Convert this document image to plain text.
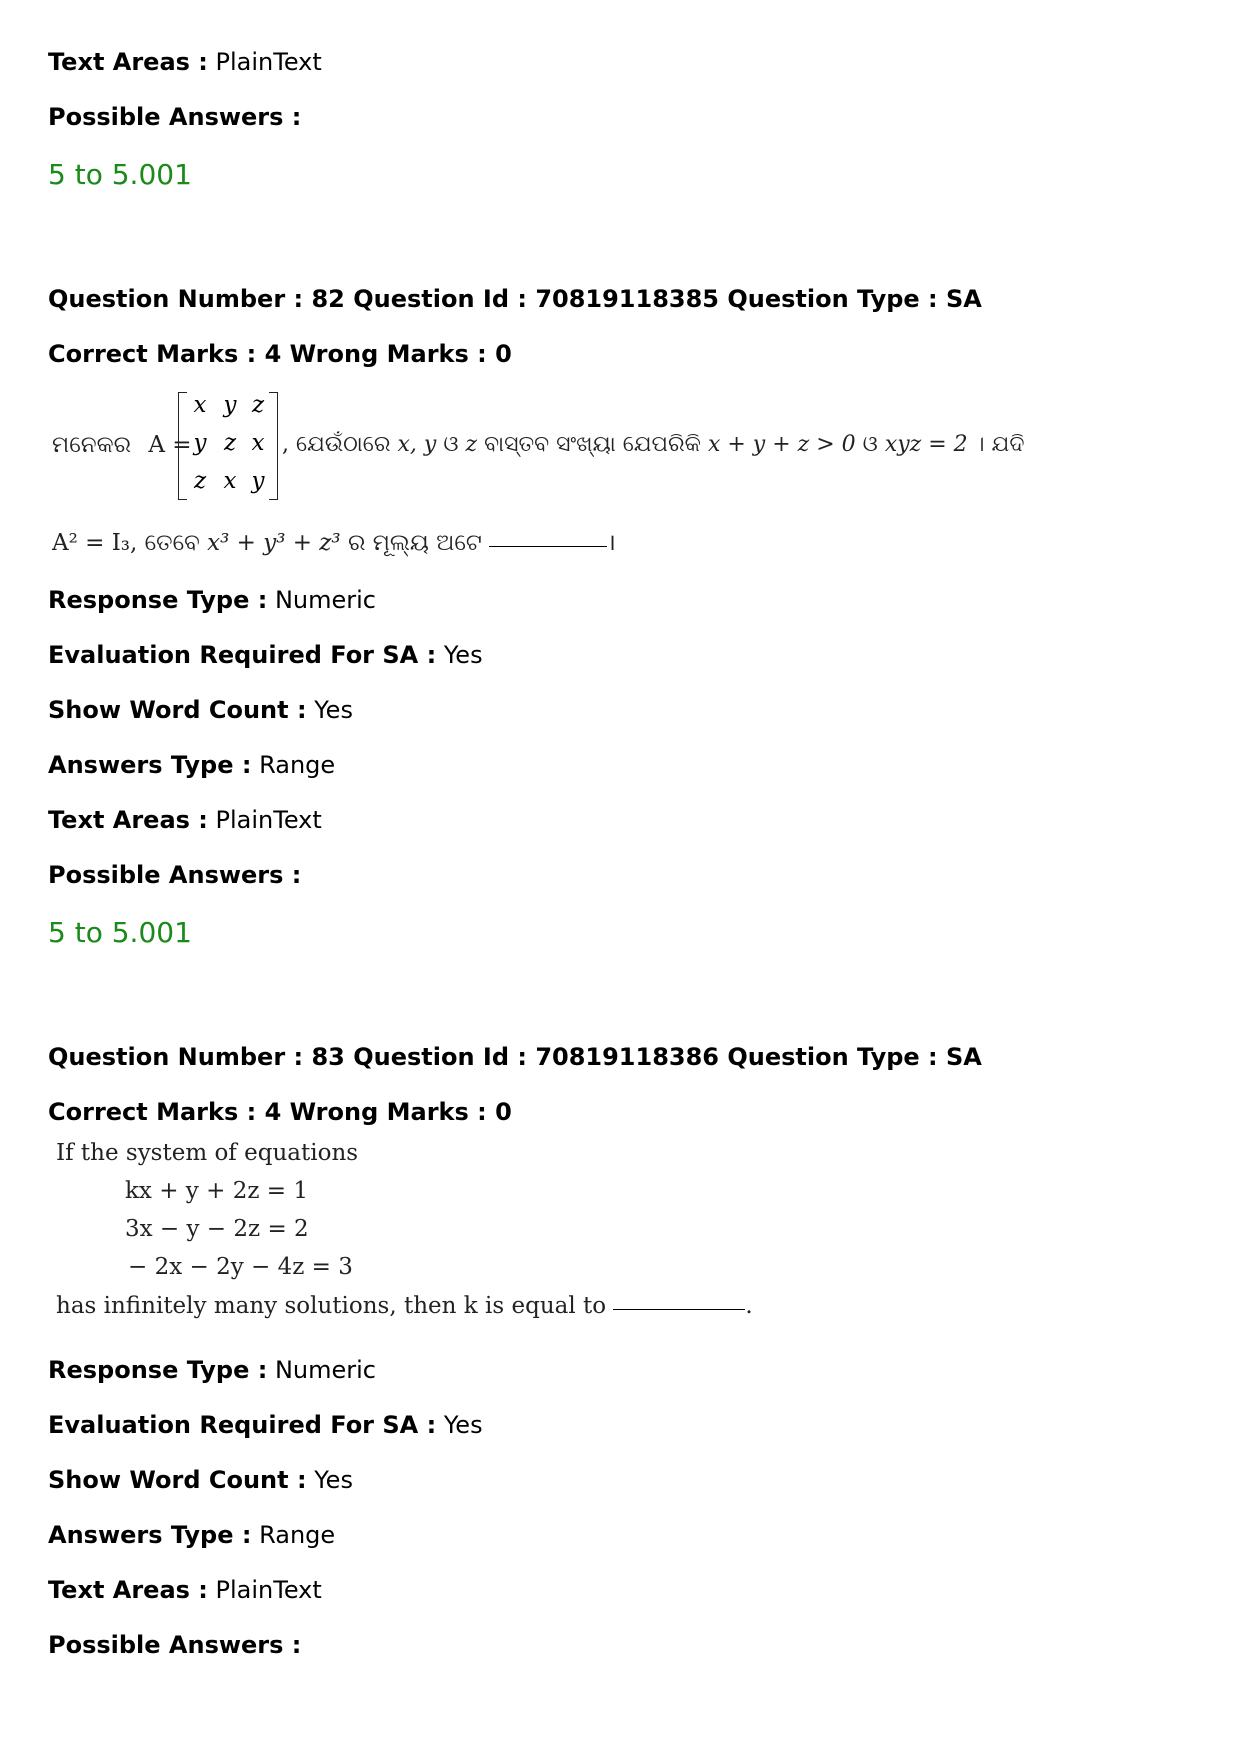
Text Areas : PlainText
Possible Answers :
5 to 5.001
Question Number : 82 Question Id : 70819118385 Question Type : SA
Correct Marks : 4 Wrong Marks : 0
ମନେକର A =
x y z
y z x
z x y
, ଯେଉଁଠାରେ x, y ଓ z ବାସ୍ତବ ସଂଖ୍ୟା ଯେପରିକି x + y + z > 0 ଓ xyz = 2 । ଯଦି
A² = I₃, ତେବେ x³ + y³ + z³ ର ମୂଲ୍ୟ ଅଟେ	।
Response Type : Numeric
Evaluation Required For SA : Yes
Show Word Count : Yes
Answers Type : Range
Text Areas : PlainText
Possible Answers :
5 to 5.001
Question Number : 83 Question Id : 70819118386 Question Type : SA
Correct Marks : 4 Wrong Marks : 0
If the system of equations
kx + y + 2z = 1
3x − y − 2z = 2
− 2x − 2y − 4z = 3
has infinitely many solutions, then k is equal to	.
Response Type : Numeric
Evaluation Required For SA : Yes
Show Word Count : Yes
Answers Type : Range
Text Areas : PlainText
Possible Answers :
